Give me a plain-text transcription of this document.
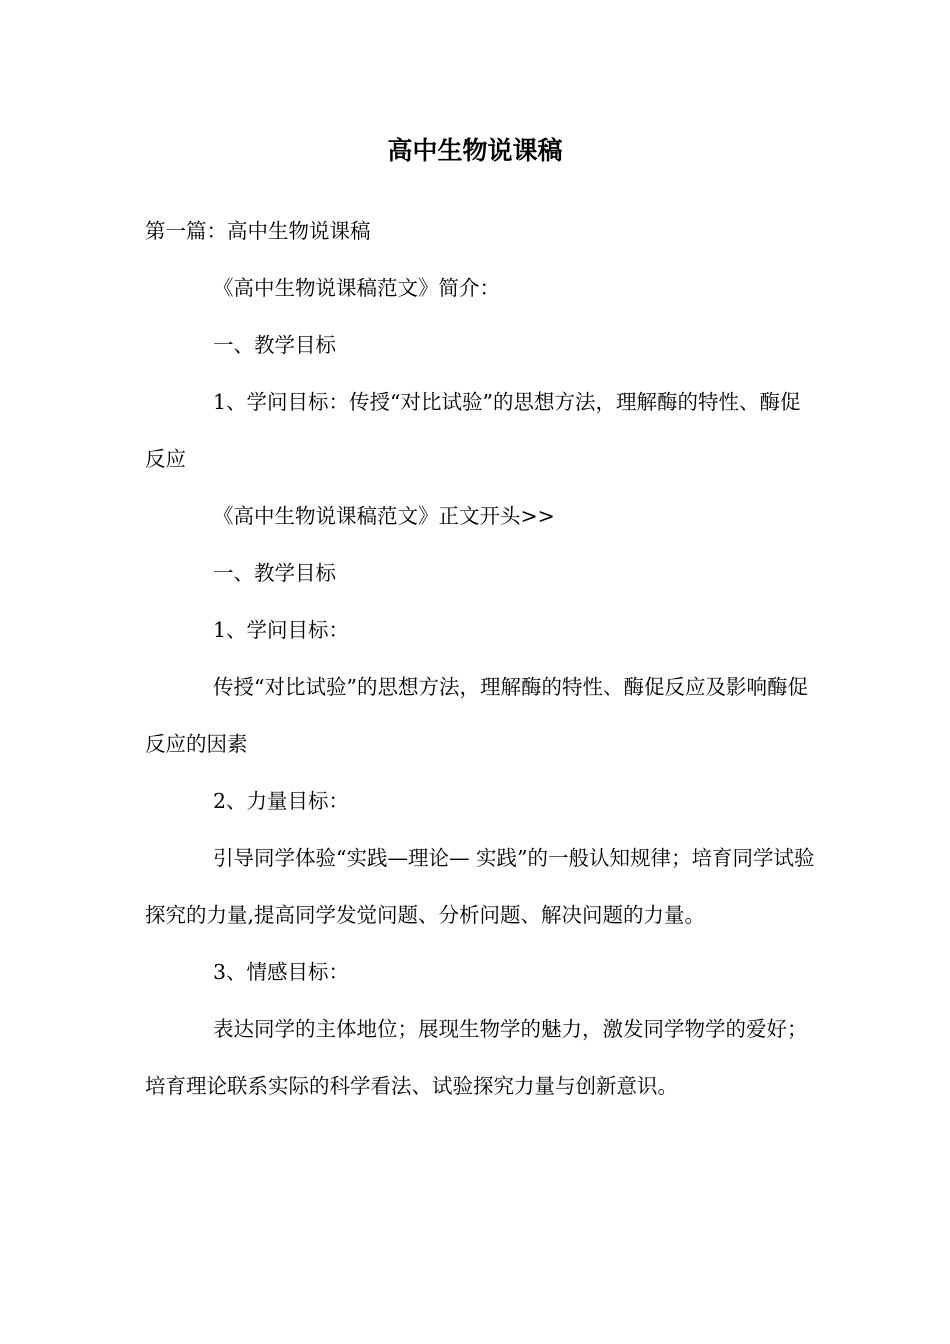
高中生物说课稿

第一篇：高中生物说课稿

《高中生物说课稿范文》简介：

一、教学目标

1、学问目标：传授“对比试验”的思想方法，理解酶的特性、酶促反应

《高中生物说课稿范文》正文开头>>

一、教学目标

1、学问目标：

传授“对比试验”的思想方法，理解酶的特性、酶促反应及影响酶促反应的因素

2、力量目标：

引导同学体验“实践—理论— 实践”的一般认知规律；培育同学试验探究的力量,提高同学发觉问题、分析问题、解决问题的力量。

3、情感目标：

表达同学的主体地位；展现生物学的魅力，激发同学物学的爱好；培育理论联系实际的科学看法、试验探究力量与创新意识。
